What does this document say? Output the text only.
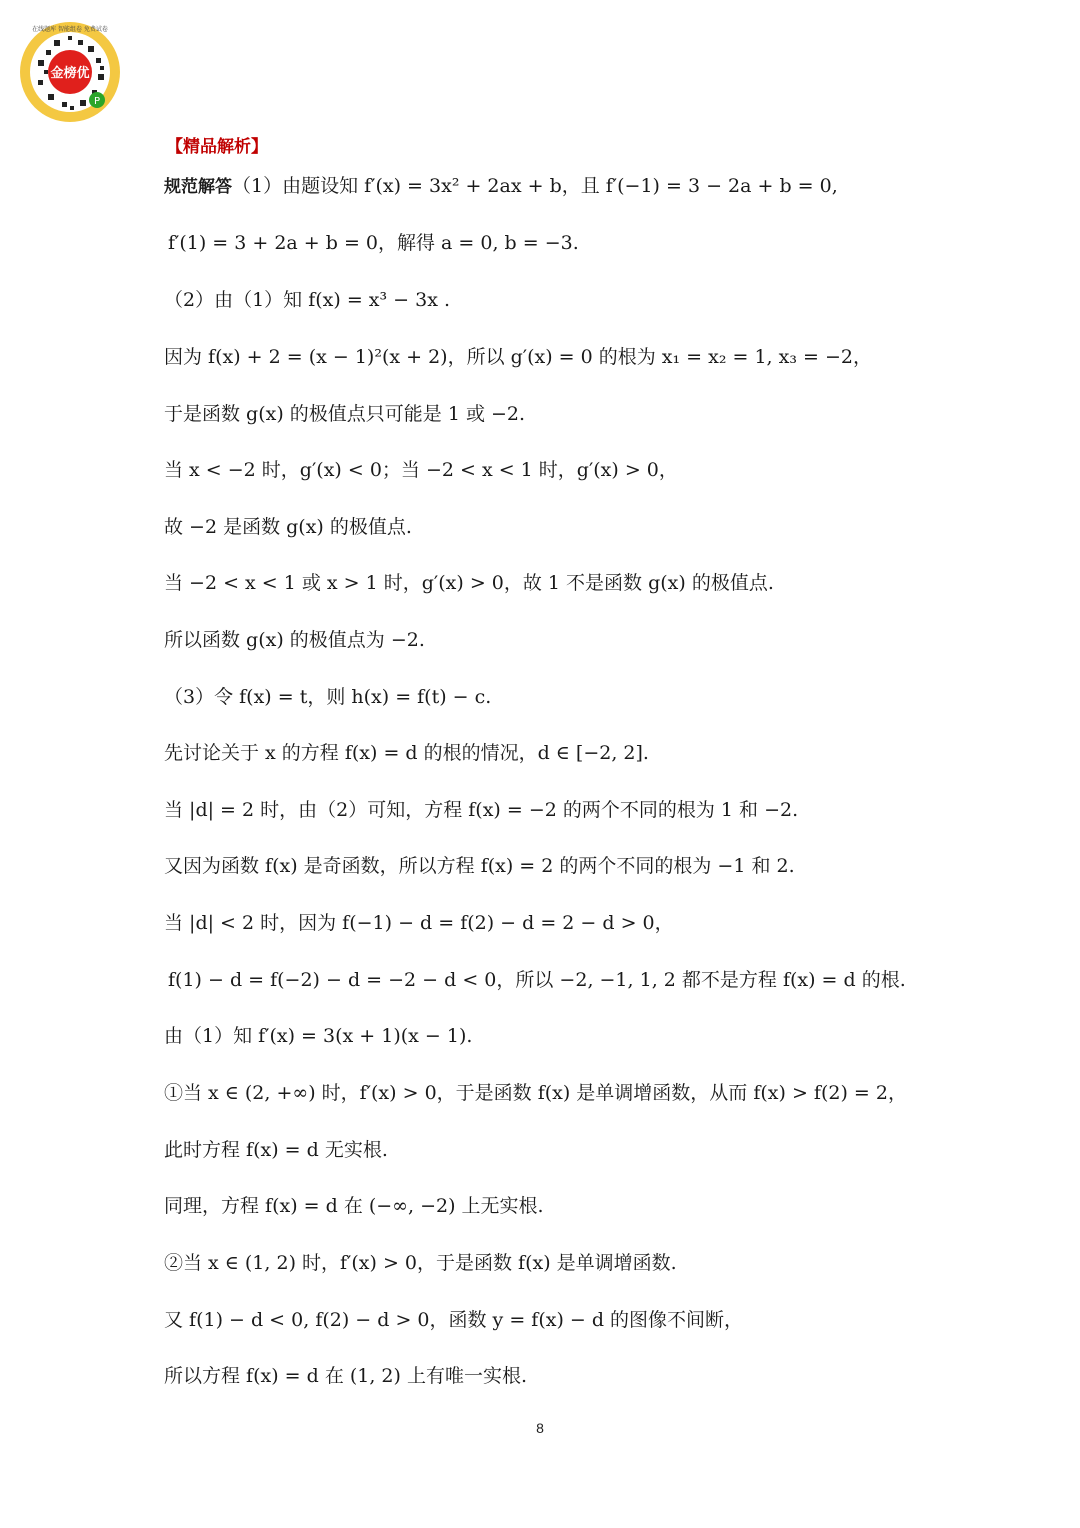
金榜优
在线题库 智能组卷 免费试卷
P
【精品解析】
规范解答（1）由题设知 f′(x) = 3x² + 2ax + b，且 f′(−1) = 3 − 2a + b = 0,
f′(1) = 3 + 2a + b = 0，解得 a = 0, b = −3.
（2）由（1）知 f(x) = x³ − 3x .
因为 f(x) + 2 = (x − 1)²(x + 2)，所以 g′(x) = 0 的根为 x₁ = x₂ = 1, x₃ = −2，
于是函数 g(x) 的极值点只可能是 1 或 −2.
当 x < −2 时，g′(x) < 0；当 −2 < x < 1 时，g′(x) > 0，
故 −2 是函数 g(x) 的极值点.
当 −2 < x < 1 或 x > 1 时，g′(x) > 0，故 1 不是函数 g(x) 的极值点.
所以函数 g(x) 的极值点为 −2.
（3）令 f(x) = t，则 h(x) = f(t) − c.
先讨论关于 x 的方程 f(x) = d 的根的情况，d ∈ [−2, 2].
当 |d| = 2 时，由（2）可知，方程 f(x) = −2 的两个不同的根为 1 和 −2.
又因为函数 f(x) 是奇函数，所以方程 f(x) = 2 的两个不同的根为 −1 和 2.
当 |d| < 2 时，因为 f(−1) − d = f(2) − d = 2 − d > 0，
f(1) − d = f(−2) − d = −2 − d < 0，所以 −2, −1, 1, 2 都不是方程 f(x) = d 的根.
由（1）知 f′(x) = 3(x + 1)(x − 1).
①当 x ∈ (2, +∞) 时，f′(x) > 0，于是函数 f(x) 是单调增函数，从而 f(x) > f(2) = 2，
此时方程 f(x) = d 无实根.
同理，方程 f(x) = d 在 (−∞, −2) 上无实根.
②当 x ∈ (1, 2) 时，f′(x) > 0，于是函数 f(x) 是单调增函数.
又 f(1) − d < 0, f(2) − d > 0，函数 y = f(x) − d 的图像不间断，
所以方程 f(x) = d 在 (1, 2) 上有唯一实根.
8
